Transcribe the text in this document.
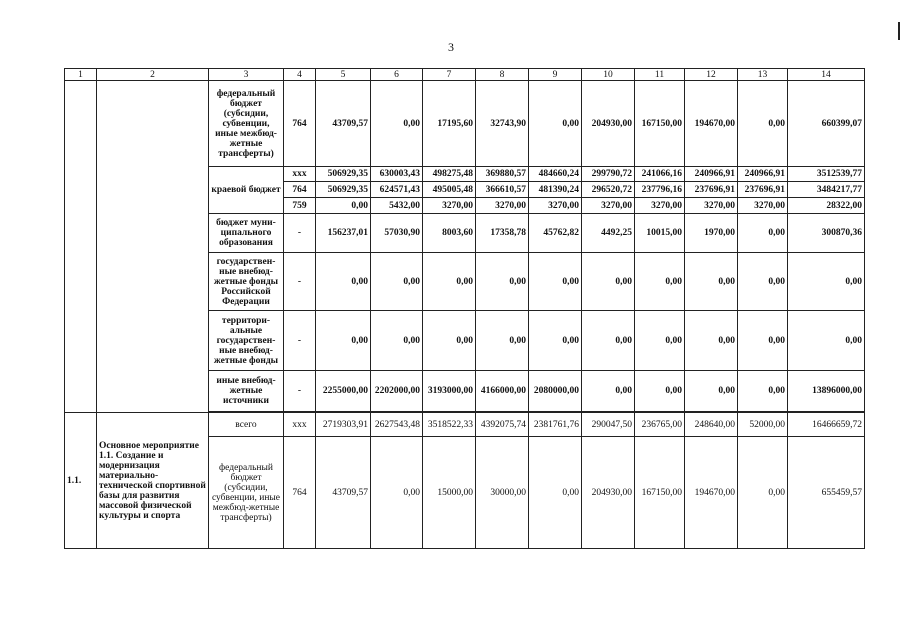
3
1	2	3	4	5	6	7	8	9	10	11	12	13	14
		федеральный бюджет (субсидии, субвенции, иные межбюд-жетные трансферты)	764	43709,57	0,00	17195,60	32743,90	0,00	204930,00	167150,00	194670,00	0,00	660399,07
		краевой бюджет	xxx	506929,35	630003,43	498275,48	369880,57	484660,24	299790,72	241066,16	240966,91	240966,91	3512539,77
			764	506929,35	624571,43	495005,48	366610,57	481390,24	296520,72	237796,16	237696,91	237696,91	3484217,77
			759	0,00	5432,00	3270,00	3270,00	3270,00	3270,00	3270,00	3270,00	3270,00	28322,00
		бюджет муни-ципального образования	-	156237,01	57030,90	8003,60	17358,78	45762,82	4492,25	10015,00	1970,00	0,00	300870,36
		государствен-ные внебюд-жетные фонды Российской Федерации	-	0,00	0,00	0,00	0,00	0,00	0,00	0,00	0,00	0,00	0,00
		территори-альные государствен-ные внебюд-жетные фонды	-	0,00	0,00	0,00	0,00	0,00	0,00	0,00	0,00	0,00	0,00
		иные внебюд-жетные источники	-	2255000,00	2202000,00	3193000,00	4166000,00	2080000,00	0,00	0,00	0,00	0,00	13896000,00

1.1.	Основное мероприятие 1.1. Создание и модернизация материально-технической спортивной базы для развития массовой физической культуры и спорта	всего	xxx	2719303,91	2627543,48	3518522,33	4392075,74	2381761,76	290047,50	236765,00	248640,00	52000,00	16466659,72
		федеральный бюджет (субсидии, субвенции, иные межбюд-жетные трансферты)	764	43709,57	0,00	15000,00	30000,00	0,00	204930,00	167150,00	194670,00	0,00	655459,57
